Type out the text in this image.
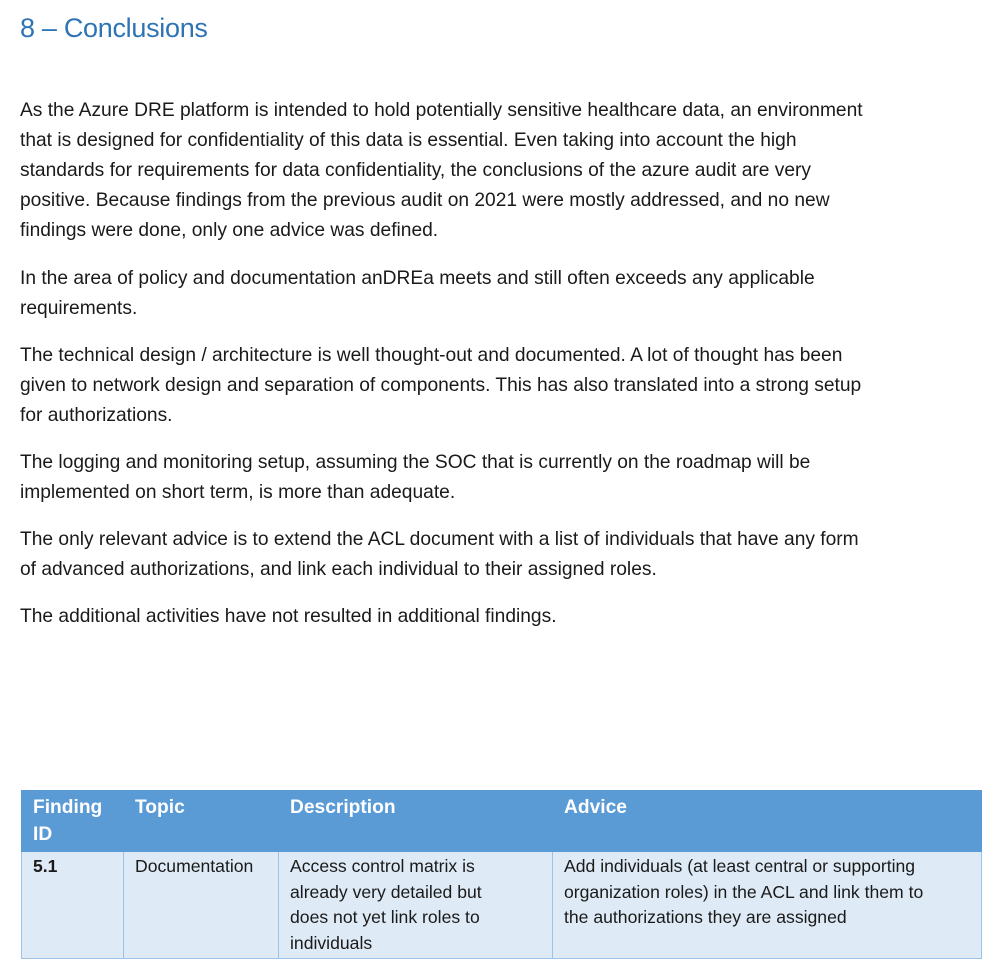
8 – Conclusions
As the Azure DRE platform is intended to hold potentially sensitive healthcare data, an environment
that is designed for confidentiality of this data is essential. Even taking into account the high
standards for requirements for data confidentiality, the conclusions of the azure audit are very
positive. Because findings from the previous audit on 2021 were mostly addressed, and no new
findings were done, only one advice was defined.
In the area of policy and documentation anDREa meets and still often exceeds any applicable
requirements.
The technical design / architecture is well thought-out and documented. A lot of thought has been
given to network design and separation of components. This has also translated into a strong setup
for authorizations.
The logging and monitoring setup, assuming the SOC that is currently on the roadmap will be
implemented on short term, is more than adequate.
The only relevant advice is to extend the ACL document with a list of individuals that have any form
of advanced authorizations, and link each individual to their assigned roles.
The additional activities have not resulted in additional findings.
Finding
ID	Topic	Description	Advice
5.1	Documentation	Access control matrix is
already very detailed but
does not yet link roles to
individuals	Add individuals (at least central or supporting
organization roles) in the ACL and link them to
the authorizations they are assigned
